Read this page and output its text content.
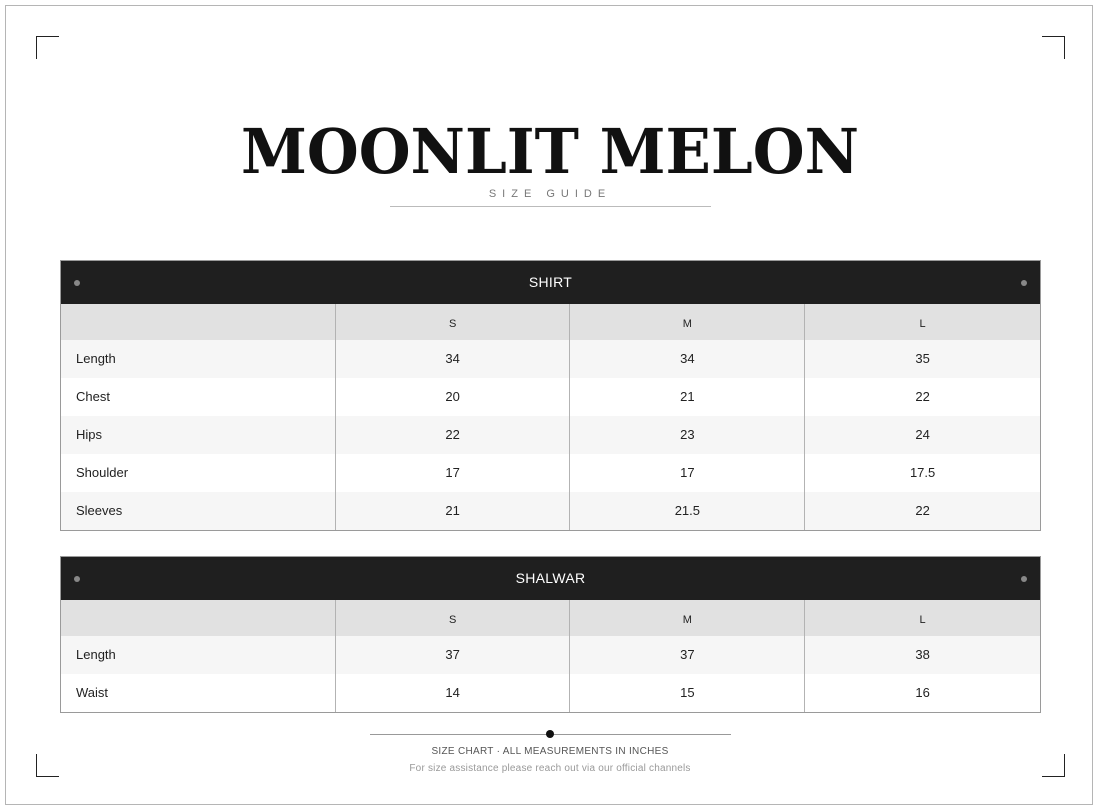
MOONLIT MELON
SIZE GUIDE
SHIRT
S	M	L
Length	34	34	35
Chest	20	21	22
Hips	22	23	24
Shoulder	17	17	17.5
Sleeves	21	21.5	22
SHALWAR
S	M	L
Length	37	37	38
Waist	14	15	16
SIZE CHART · ALL MEASUREMENTS IN INCHES
For size assistance please reach out via our official channels
